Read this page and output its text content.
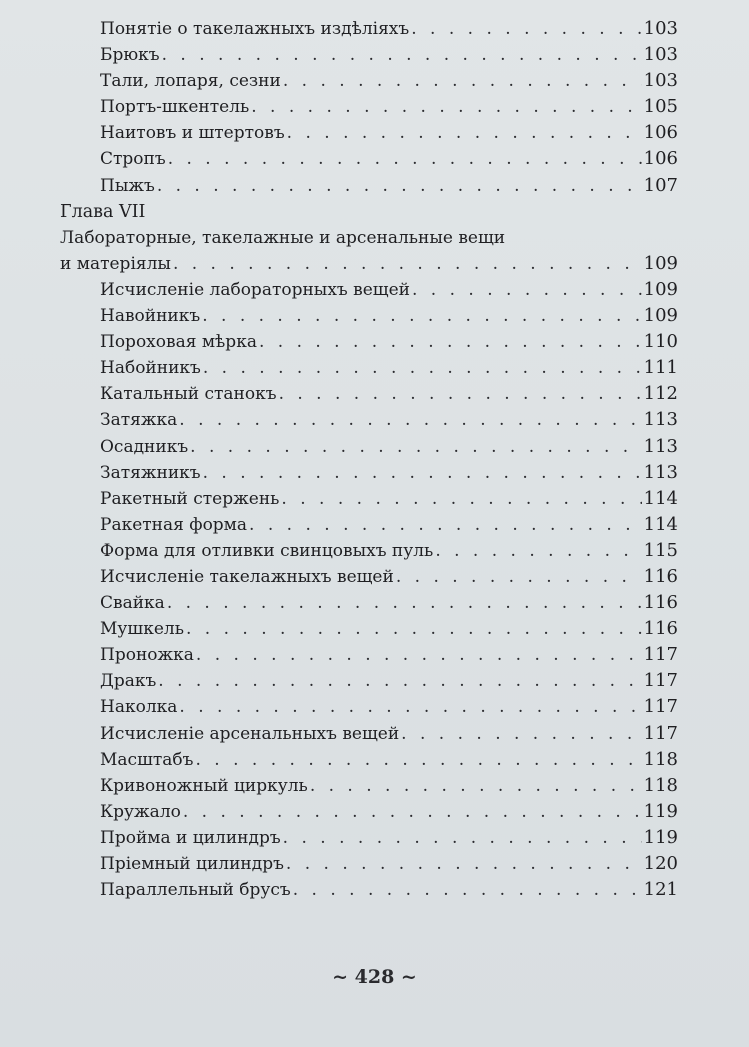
Понятіе о такелажныхъ издѣліяхъ . . .	103
Брюкъ . . .	103
Тали, лопаря, сезни . . .	103
Портъ-шкентель . . .	105
Наитовъ и штертовъ . . .	106
Стропъ . . .	106
Пыжъ . . .	107
Глава VII
Лабораторные, такелажные и арсенальные вещи
и матеріялы . . .	109
Исчисленіе лабораторныхъ вещей . . .	109
Навойникъ . . .	109
Пороховая мѣрка . . .	110
Набойникъ . . .	111
Катальный станокъ . . .	112
Затяжка . . .	113
Осадникъ . . .	113
Затяжникъ . . .	113
Ракетный стержень . . .	114
Ракетная форма . . .	114
Форма для отливки свинцовыхъ пуль . . .	115
Исчисленіе такелажныхъ вещей . . .	116
Свайка . . .	116
Мушкель . . .	116
Проножка . . .	117
Дракъ . . .	117
Наколка . . .	117
Исчисленіе арсенальныхъ вещей . . .	117
Масштабъ . . .	118
Кривоножный циркуль . . .	118
Кружало . . .	119
Пройма и цилиндръ . . .	119
Пріемный цилиндръ . . .	120
Параллельный брусъ . . .	121
~ 428 ~
